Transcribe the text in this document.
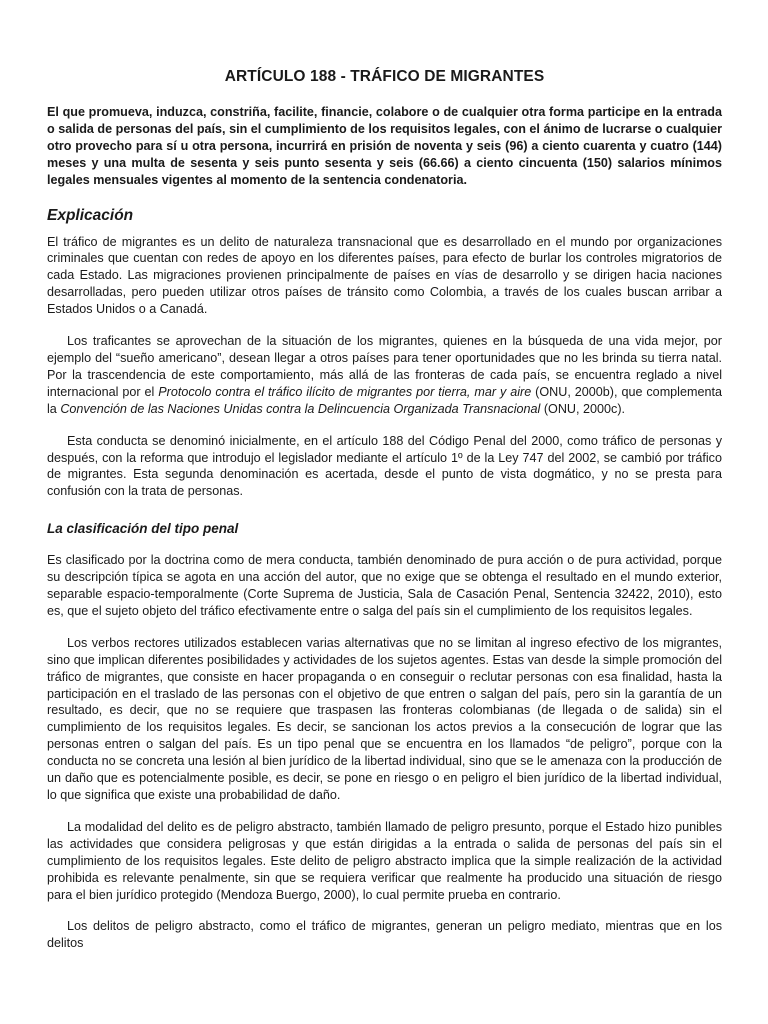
ARTÍCULO 188 - TRÁFICO DE MIGRANTES

El que promueva, induzca, constriña, facilite, financie, colabore o de cualquier otra forma participe en la entrada o salida de personas del país, sin el cumplimiento de los requisitos legales, con el ánimo de lucrarse o cualquier otro provecho para sí u otra persona, incurrirá en prisión de noventa y seis (96) a ciento cuarenta y cuatro (144) meses y una multa de sesenta y seis punto sesenta y seis (66.66) a ciento cincuenta (150) salarios mínimos legales mensuales vigentes al momento de la sentencia condenatoria.

Explicación

El tráfico de migrantes es un delito de naturaleza transnacional que es desarrollado en el mundo por organizaciones criminales que cuentan con redes de apoyo en los diferentes países, para efecto de burlar los controles migratorios de cada Estado. Las migraciones provienen principalmente de países en vías de desarrollo y se dirigen hacia naciones desarrolladas, pero pueden utilizar otros países de tránsito como Colombia, a través de los cuales buscan arribar a Estados Unidos o a Canadá.

Los traficantes se aprovechan de la situación de los migrantes, quienes en la búsqueda de una vida mejor, por ejemplo del “sueño americano”, desean llegar a otros países para tener oportunidades que no les brinda su tierra natal. Por la trascendencia de este comportamiento, más allá de las fronteras de cada país, se encuentra reglado a nivel internacional por el Protocolo contra el tráfico ilícito de migrantes por tierra, mar y aire (ONU, 2000b), que complementa la Convención de las Naciones Unidas contra la Delincuencia Organizada Transnacional (ONU, 2000c).

Esta conducta se denominó inicialmente, en el artículo 188 del Código Penal del 2000, como tráfico de personas y después, con la reforma que introdujo el legislador mediante el artículo 1º de la Ley 747 del 2002, se cambió por tráfico de migrantes. Esta segunda denominación es acertada, desde el punto de vista dogmático, y no se presta para confusión con la trata de personas.

La clasificación del tipo penal

Es clasificado por la doctrina como de mera conducta, también denominado de pura acción o de pura actividad, porque su descripción típica se agota en una acción del autor, que no exige que se obtenga el resultado en el mundo exterior, separable espacio-temporalmente (Corte Suprema de Justicia, Sala de Casación Penal, Sentencia 32422, 2010), esto es, que el sujeto objeto del tráfico efectivamente entre o salga del país sin el cumplimiento de los requisitos legales.

Los verbos rectores utilizados establecen varias alternativas que no se limitan al ingreso efectivo de los migrantes, sino que implican diferentes posibilidades y actividades de los sujetos agentes. Estas van desde la simple promoción del tráfico de migrantes, que consiste en hacer propaganda o en conseguir o reclutar personas con esa finalidad, hasta la participación en el traslado de las personas con el objetivo de que entren o salgan del país, pero sin la garantía de un resultado, es decir, que no se requiere que traspasen las fronteras colombianas (de llegada o de salida) sin el cumplimiento de los requisitos legales. Es decir, se sancionan los actos previos a la consecución de lograr que las personas entren o salgan del país. Es un tipo penal que se encuentra en los llamados “de peligro”, porque con la conducta no se concreta una lesión al bien jurídico de la libertad individual, sino que se le amenaza con la producción de un daño que es potencialmente posible, es decir, se pone en riesgo o en peligro el bien jurídico de la libertad individual, lo que significa que existe una probabilidad de daño.

La modalidad del delito es de peligro abstracto, también llamado de peligro presunto, porque el Estado hizo punibles las actividades que considera peligrosas y que están dirigidas a la entrada o salida de personas del país sin el cumplimiento de los requisitos legales. Este delito de peligro abstracto implica que la simple realización de la actividad prohibida es relevante penalmente, sin que se requiera verificar que realmente ha producido una situación de riesgo para el bien jurídico protegido (Mendoza Buergo, 2000), lo cual permite prueba en contrario.

Los delitos de peligro abstracto, como el tráfico de migrantes, generan un peligro mediato, mientras que en los delitos
